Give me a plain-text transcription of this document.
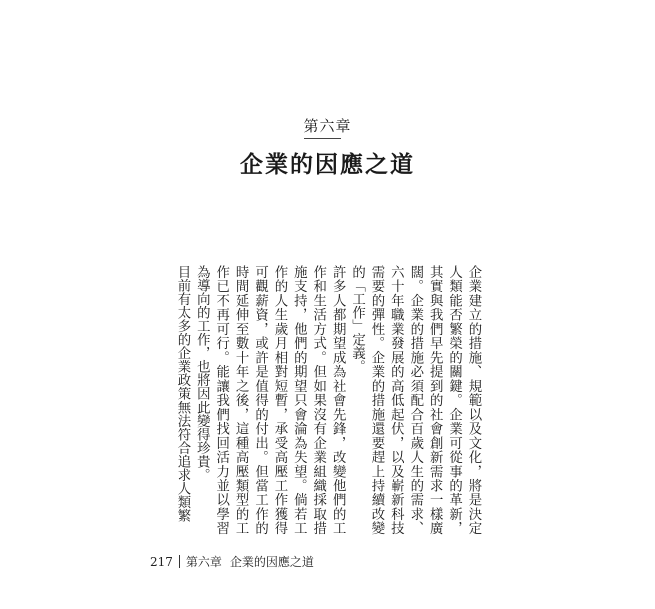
第六章
企業的因應之道

企業建立的措施、規範以及文化，將是決定人類能否繁榮的關鍵。企業可從事的革新，其實與我們早先提到的社會創新需求一樣廣闊。企業的措施必須配合百歲人生的需求、六十年職業發展的高低起伏，以及嶄新科技需要的彈性。企業的措施還要趕上持續改變的「工作」定義。

許多人都期望成為社會先鋒，改變他們的工作和生活方式。但如果沒有企業組織採取措施支持，他們的期望只會淪為失望。倘若工作的人生歲月相對短暫，承受高壓工作獲得可觀薪資，或許是值得的付出。但當工作的時間延伸至數十年之後，這種高壓類型的工作已不再可行。能讓我們找回活力並以學習為導向的工作，也將因此變得珍貴。

目前有太多的企業政策無法符合追求人類繁

217 第六章 企業的因應之道
